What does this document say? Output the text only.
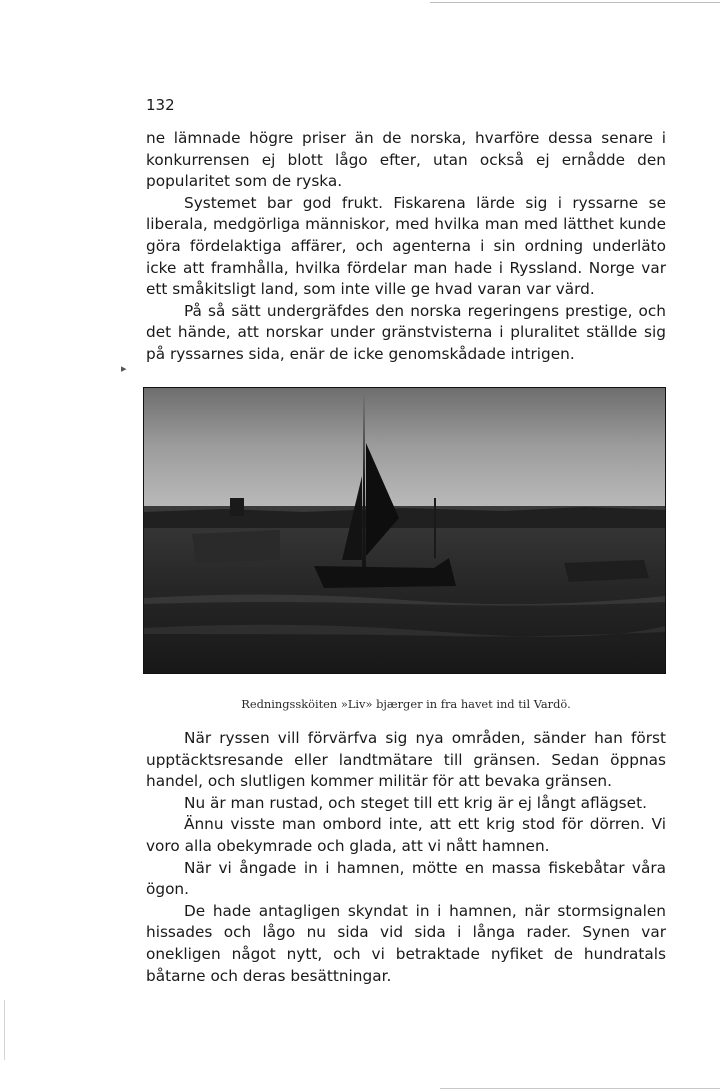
132

ne lämnade högre priser än de norska, hvarföre dessa senare i konkurrensen ej blott lågo efter, utan också ej ernådde den popularitet som de ryska.

Systemet bar god frukt. Fiskarena lärde sig i ryssarne se liberala, medgörliga människor, med hvilka man med lätthet kunde göra fördelaktiga affärer, och agenterna i sin ordning underläto icke att framhålla, hvilka fördelar man hade i Ryssland. Norge var ett småkitsligt land, som inte ville ge hvad varan var värd.

På så sätt undergräfdes den norska regeringens prestige, och det hände, att norskar under gränstvisterna i pluralitet ställde sig på ryssarnes sida, enär de icke genomskådade intrigen.

▸
Redningssköiten »Liv» bjærger in fra havet ind til Vardö.

När ryssen vill förvärfva sig nya områden, sänder han först upptäcktsresande eller landtmätare till gränsen. Sedan öppnas handel, och slutligen kommer militär för att bevaka gränsen.

Nu är man rustad, och steget till ett krig är ej långt aflägset.

Ännu visste man ombord inte, att ett krig stod för dörren. Vi voro alla obekymrade och glada, att vi nått hamnen.

När vi ångade in i hamnen, mötte en massa fiskebåtar våra ögon.

De hade antagligen skyndat in i hamnen, när stormsignalen hissades och lågo nu sida vid sida i långa rader. Synen var onekligen något nytt, och vi betraktade nyfiket de hundratals båtarne och deras besättningar.
